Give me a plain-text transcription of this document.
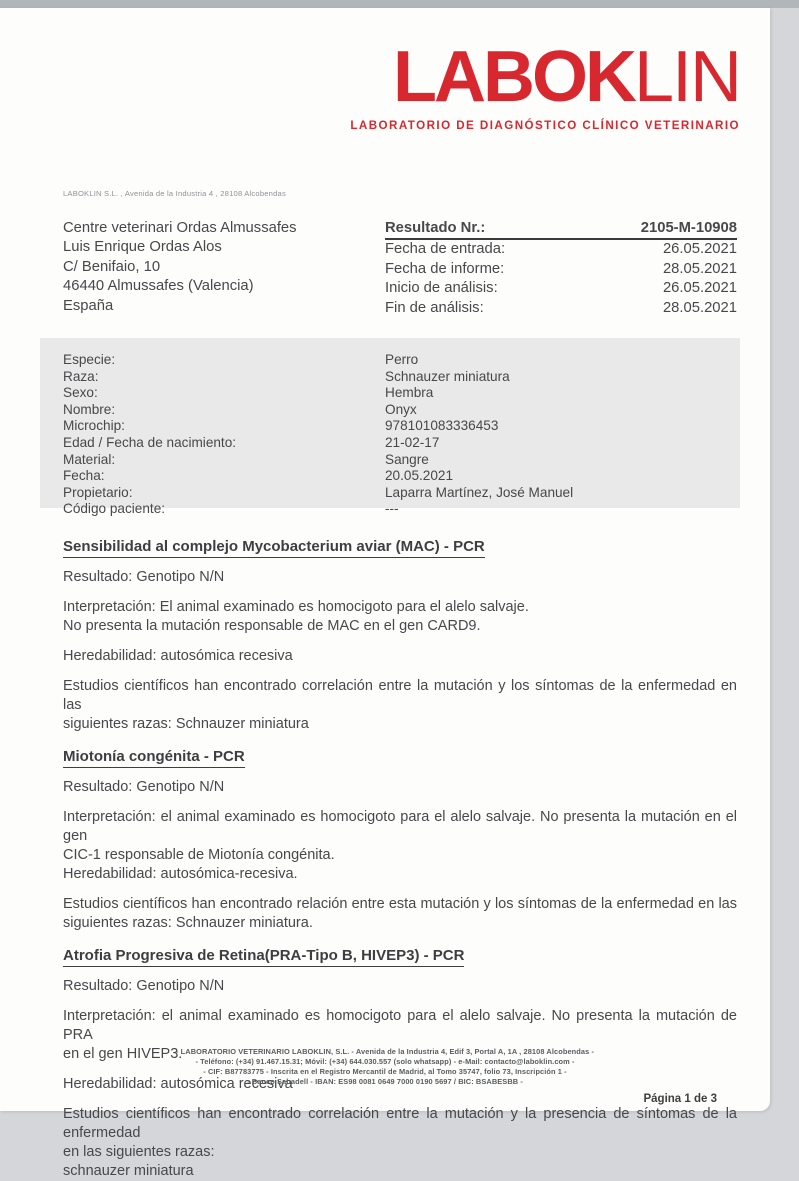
LABOKLIN
LABORATORIO DE DIAGNÓSTICO CLÍNICO VETERINARIO
LABOKLIN S.L. , Avenida de la Industria 4 , 28108 Alcobendas
Centre veterinari Ordas Almussafes
Luis Enrique Ordas Alos
C/ Benifaio, 10
46440 Almussafes (Valencia)
España
Resultado Nr.:	2105-M-10908
Fecha de entrada:	26.05.2021
Fecha de informe:	28.05.2021
Inicio de análisis:	26.05.2021
Fin de análisis:	28.05.2021
Especie:	Perro
Raza:	Schnauzer miniatura
Sexo:	Hembra
Nombre:	Onyx
Microchip:	978101083336453
Edad / Fecha de nacimiento:	21-02-17
Material:	Sangre
Fecha:	20.05.2021
Propietario:	Laparra Martínez, José Manuel
Código paciente:	---
Sensibilidad al complejo Mycobacterium aviar (MAC) - PCR
Resultado: Genotipo N/N
Interpretación: El animal examinado es homocigoto para el alelo salvaje.
No presenta la mutación responsable de MAC en el gen CARD9.
Heredabilidad: autosómica recesiva
Estudios científicos han encontrado correlación entre la mutación y los síntomas de la enfermedad en las
siguientes razas: Schnauzer miniatura
Miotonía congénita - PCR
Resultado: Genotipo N/N
Interpretación: el animal examinado es homocigoto para el alelo salvaje. No presenta la mutación en el gen
CIC-1 responsable de Miotonía congénita.
Heredabilidad: autosómica-recesiva.
Estudios científicos han encontrado relación entre esta mutación y los síntomas de la enfermedad en las
siguientes razas: Schnauzer miniatura.
Atrofia Progresiva de Retina(PRA-Tipo B, HIVEP3) - PCR
Resultado: Genotipo N/N
Interpretación: el animal examinado es homocigoto para el alelo salvaje. No presenta la mutación de PRA
en el gen HIVEP3.
Heredabilidad: autosómica recesiva
Estudios científicos han encontrado correlación entre la mutación y la presencia de síntomas de la enfermedad
en las siguientes razas:
schnauzer miniatura
- LABORATORIO VETERINARIO LABOKLIN, S.L. - Avenida de la Industria 4, Edif 3, Portal A, 1A , 28108 Alcobendas -
- Teléfono: (+34) 91.467.15.31; Móvil: (+34) 644.030.557 (solo whatsapp) - e-Mail: contacto@laboklin.com -
- CIF: B87783775 - Inscrita en el Registro Mercantil de Madrid, al Tomo 35747, folio 73, Inscripción 1 -
- Banco Sabadell - IBAN: ES98 0081 0649 7000 0190 5697 / BIC: BSABESBB -
Página 1 de 3
